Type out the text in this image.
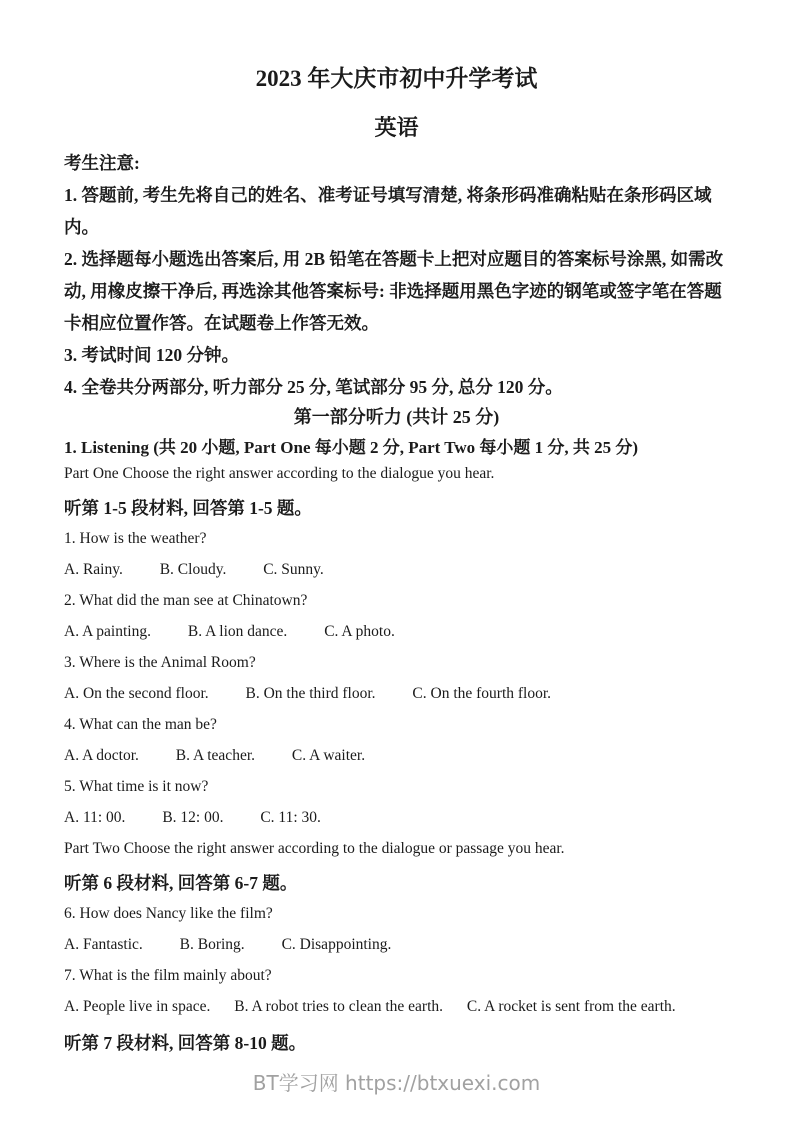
2023 年大庆市初中升学考试
英语
考生注意:
1. 答题前, 考生先将自己的姓名、准考证号填写清楚, 将条形码准确粘贴在条形码区域内。
2. 选择题每小题选出答案后, 用 2B 铅笔在答题卡上把对应题目的答案标号涂黑, 如需改动, 用橡皮擦干净后, 再选涂其他答案标号: 非选择题用黑色字迹的钢笔或签字笔在答题卡相应位置作答。在试题卷上作答无效。
3. 考试时间 120 分钟。
4. 全卷共分两部分, 听力部分 25 分, 笔试部分 95 分, 总分 120 分。
第一部分听力 (共计 25 分)
1. Listening (共 20 小题, Part One 每小题 2 分, Part Two 每小题 1 分, 共 25 分)
Part One Choose the right answer according to the dialogue you hear.
听第 1-5 段材料, 回答第 1-5 题。
1. How is the weather?
A. Rainy. B. Cloudy. C. Sunny.
2. What did the man see at Chinatown?
A. A painting. B. A lion dance. C. A photo.
3. Where is the Animal Room?
A. On the second floor. B. On the third floor. C. On the fourth floor.
4. What can the man be?
A. A doctor. B. A teacher. C. A waiter.
5. What time is it now?
A. 11: 00. B. 12: 00. C. 11: 30.
Part Two Choose the right answer according to the dialogue or passage you hear.
听第 6 段材料, 回答第 6-7 题。
6. How does Nancy like the film?
A. Fantastic. B. Boring. C. Disappointing.
7. What is the film mainly about?
A. People live in space. B. A robot tries to clean the earth. C. A rocket is sent from the earth.
听第 7 段材料, 回答第 8-10 题。
BT学习网 https://btxuexi.com
